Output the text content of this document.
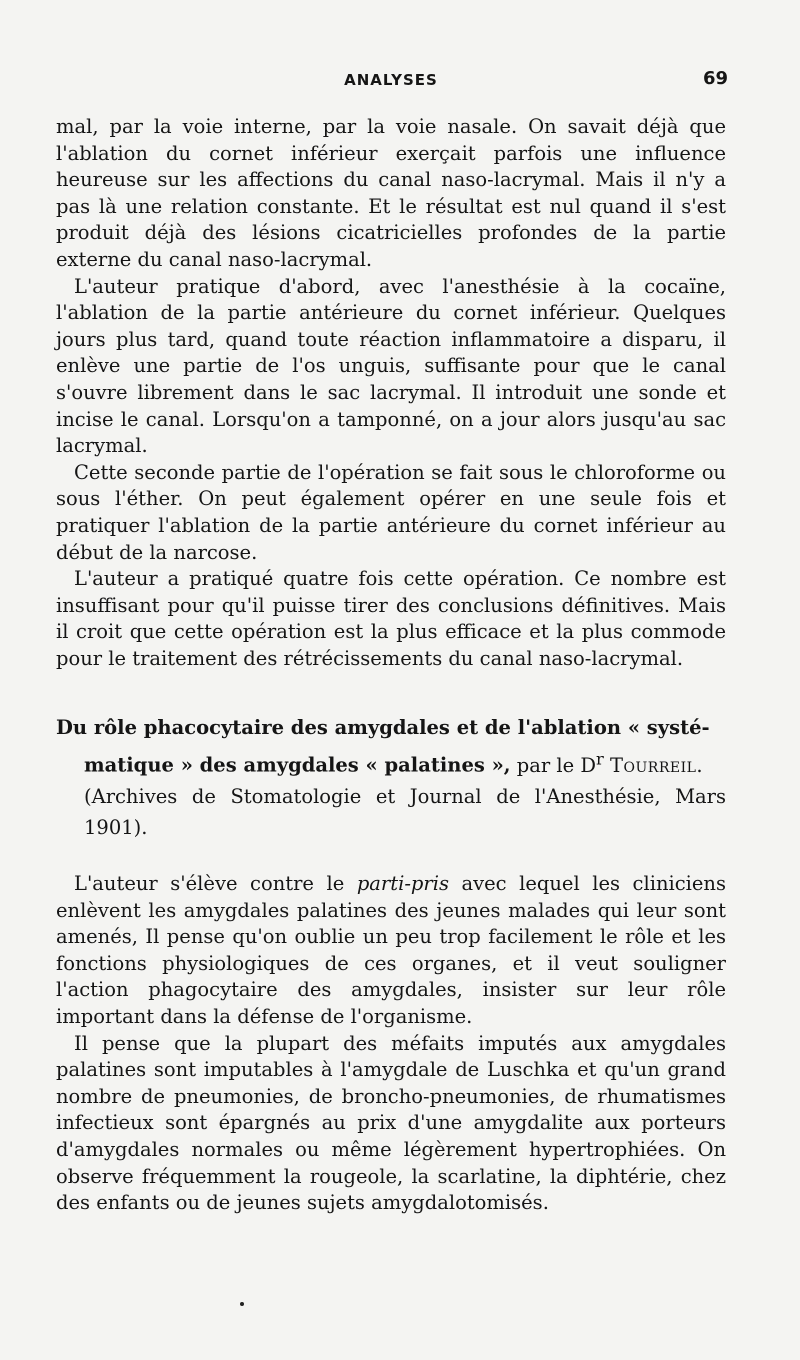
ANALYSES	69

mal, par la voie interne, par la voie nasale. On savait déjà que l'ablation du cornet inférieur exerçait parfois une influence heureuse sur les affections du canal naso-lacrymal. Mais il n'y a pas là une relation constante. Et le résultat est nul quand il s'est produit déjà des lésions cicatricielles profondes de la partie externe du canal naso-lacrymal.

L'auteur pratique d'abord, avec l'anesthésie à la cocaïne, l'ablation de la partie antérieure du cornet inférieur. Quelques jours plus tard, quand toute réaction inflammatoire a disparu, il enlève une partie de l'os unguis, suffisante pour que le canal s'ouvre librement dans le sac lacrymal. Il introduit une sonde et incise le canal. Lorsqu'on a tamponné, on a jour alors jusqu'au sac lacrymal.

Cette seconde partie de l'opération se fait sous le chloroforme ou sous l'éther. On peut également opérer en une seule fois et pratiquer l'ablation de la partie antérieure du cornet inférieur au début de la narcose.

L'auteur a pratiqué quatre fois cette opération. Ce nombre est insuffisant pour qu'il puisse tirer des conclusions définitives. Mais il croit que cette opération est la plus efficace et la plus commode pour le traitement des rétrécissements du canal naso-lacrymal.

Du rôle phacocytaire des amygdales et de l'ablation « systé-
matique » des amygdales « palatines », par le $D^r$ Tourreil.
(Archives de Stomatologie et Journal de l'Anesthésie, Mars 1901).

L'auteur s'élève contre le parti-pris avec lequel les cliniciens enlèvent les amygdales palatines des jeunes malades qui leur sont amenés, Il pense qu'on oublie un peu trop facilement le rôle et les fonctions physiologiques de ces organes, et il veut souligner l'action phagocytaire des amygdales, insister sur leur rôle important dans la défense de l'organisme.

Il pense que la plupart des méfaits imputés aux amygdales palatines sont imputables à l'amygdale de Luschka et qu'un grand nombre de pneumonies, de broncho-pneumonies, de rhumatismes infectieux sont épargnés au prix d'une amygdalite aux porteurs d'amygdales normales ou même légèrement hypertrophiées. On observe fréquemment la rougeole, la scarlatine, la diphtérie, chez des enfants ou de jeunes sujets amygdalotomisés.
